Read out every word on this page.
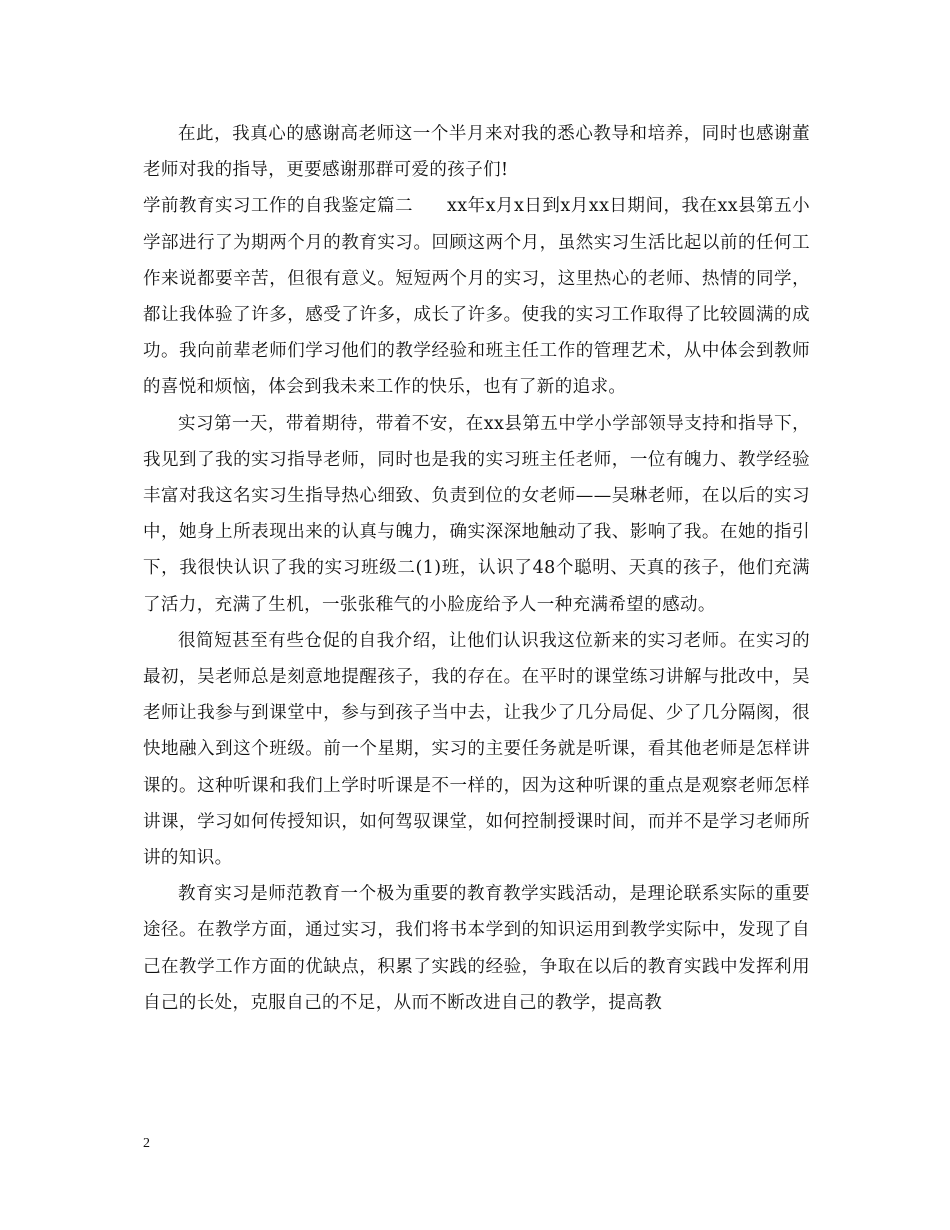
在此，我真心的感谢高老师这一个半月来对我的悉心教导和培养，同时也感谢董老师对我的指导，更要感谢那群可爱的孩子们!

学前教育实习工作的自我鉴定篇二 xx年x月x日到x月xx日期间，我在xx县第五小学部进行了为期两个月的教育实习。回顾这两个月，虽然实习生活比起以前的任何工作来说都要辛苦，但很有意义。短短两个月的实习，这里热心的老师、热情的同学，都让我体验了许多，感受了许多，成长了许多。使我的实习工作取得了比较圆满的成功。我向前辈老师们学习他们的教学经验和班主任工作的管理艺术，从中体会到教师的喜悦和烦恼，体会到我未来工作的快乐，也有了新的追求。

实习第一天，带着期待，带着不安，在xx县第五中学小学部领导支持和指导下，我见到了我的实习指导老师，同时也是我的实习班主任老师，一位有魄力、教学经验丰富对我这名实习生指导热心细致、负责到位的女老师——吴琳老师，在以后的实习中，她身上所表现出来的认真与魄力，确实深深地触动了我、影响了我。在她的指引下，我很快认识了我的实习班级二(1)班，认识了48个聪明、天真的孩子，他们充满了活力，充满了生机，一张张稚气的小脸庞给予人一种充满希望的感动。

很简短甚至有些仓促的自我介绍，让他们认识我这位新来的实习老师。在实习的最初，吴老师总是刻意地提醒孩子，我的存在。在平时的课堂练习讲解与批改中，吴老师让我参与到课堂中，参与到孩子当中去，让我少了几分局促、少了几分隔阂，很快地融入到这个班级。前一个星期，实习的主要任务就是听课，看其他老师是怎样讲课的。这种听课和我们上学时听课是不一样的，因为这种听课的重点是观察老师怎样讲课，学习如何传授知识，如何驾驭课堂，如何控制授课时间，而并不是学习老师所讲的知识。

教育实习是师范教育一个极为重要的教育教学实践活动，是理论联系实际的重要途径。在教学方面，通过实习，我们将书本学到的知识运用到教学实际中，发现了自己在教学工作方面的优缺点，积累了实践的经验，争取在以后的教育实践中发挥利用自己的长处，克服自己的不足，从而不断改进自己的教学，提高教

2
